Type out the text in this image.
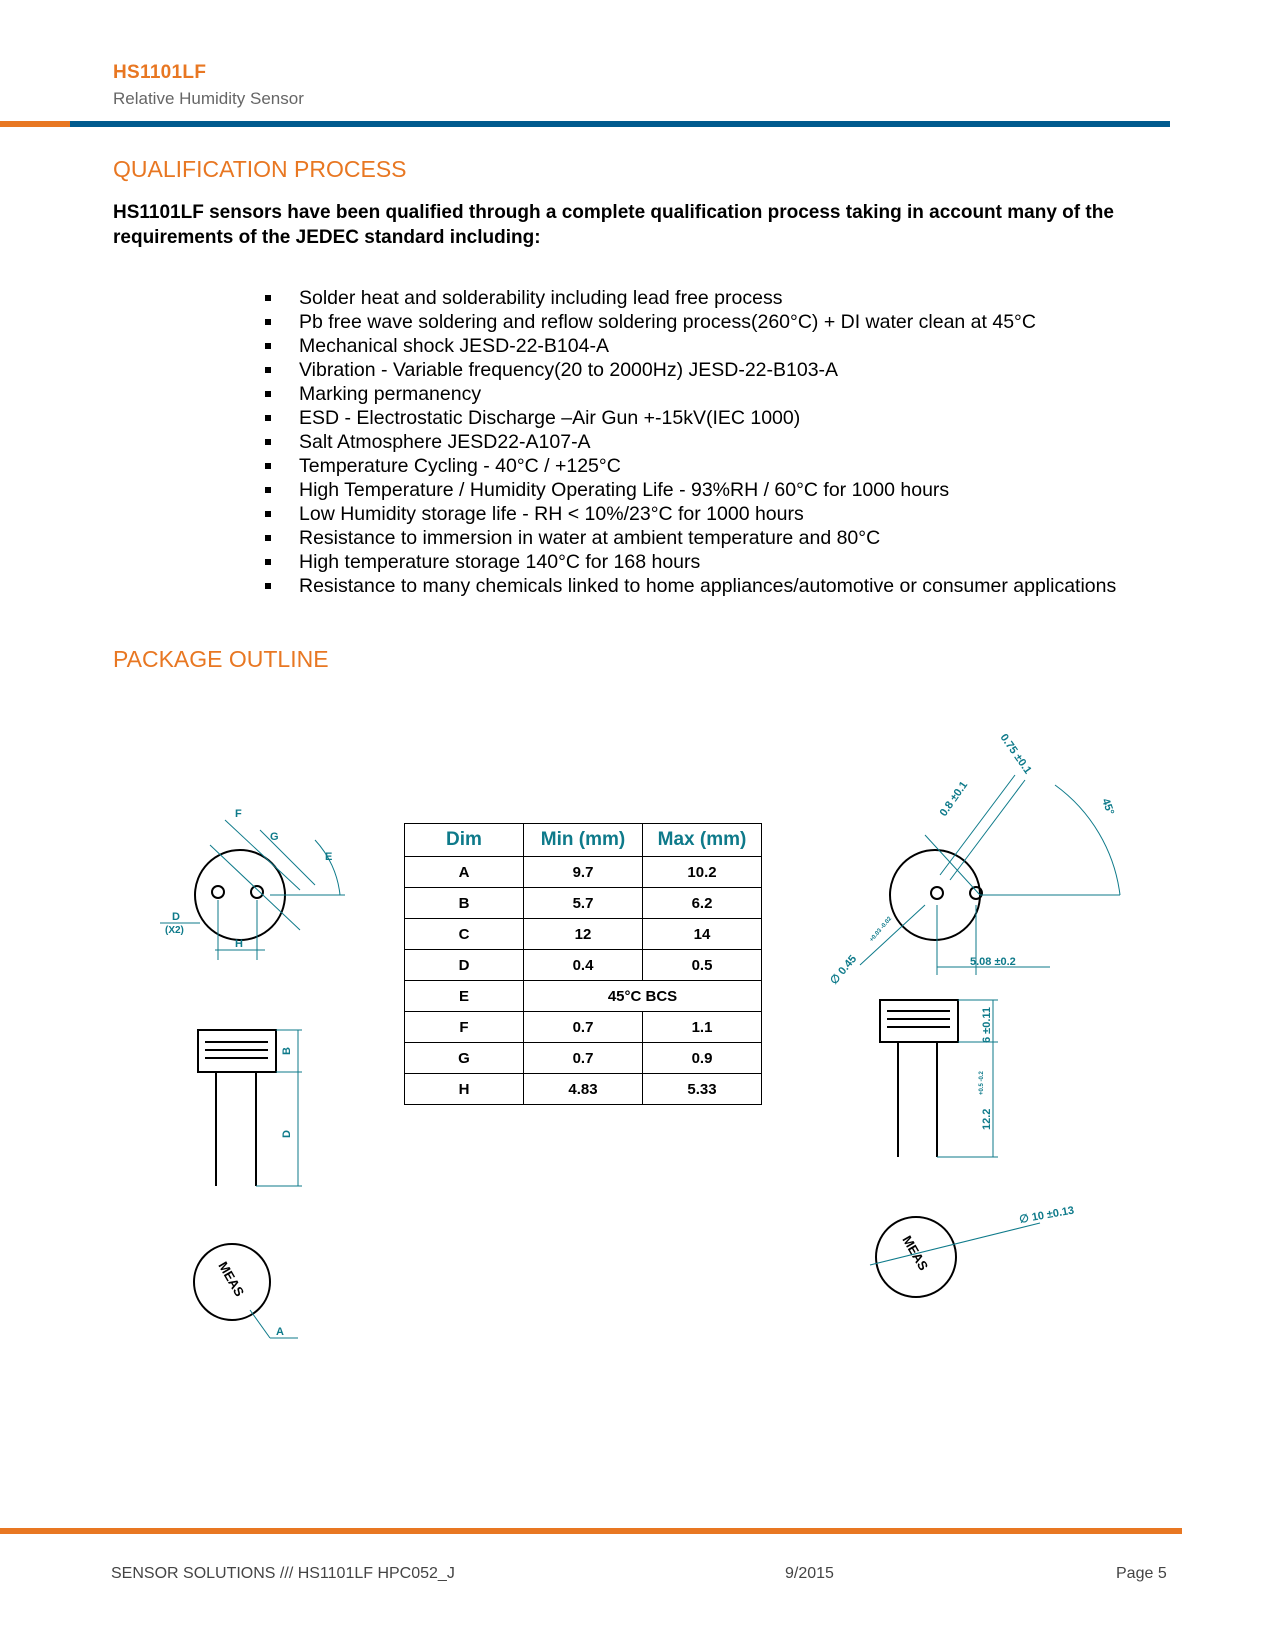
HS1101LF
Relative Humidity Sensor
QUALIFICATION PROCESS
HS1101LF sensors have been qualified through a complete qualification process taking in account many of the requirements of the JEDEC standard including:
Solder heat and solderability including lead free process
Pb free wave soldering and reflow soldering process(260°C) + DI water clean at 45°C
Mechanical shock JESD-22-B104-A
Vibration - Variable frequency(20 to 2000Hz) JESD-22-B103-A
Marking permanency
ESD - Electrostatic Discharge –Air Gun +-15kV(IEC 1000)
Salt Atmosphere JESD22-A107-A
Temperature Cycling - 40°C / +125°C
High Temperature / Humidity Operating Life - 93%RH / 60°C for 1000 hours
Low Humidity storage life - RH < 10%/23°C for 1000 hours
Resistance to immersion in water at ambient temperature and 80°C
High temperature storage 140°C for 168 hours
Resistance to many chemicals linked to home appliances/automotive or consumer applications
PACKAGE OUTLINE
F
G
E
D
(X2)
H
B
D
MEAS
A
Dim	Min (mm)	Max (mm)
A	9.7	10.2
B	5.7	6.2
C	12	14
D	0.4	0.5
E	45°C BCS	
F	0.7	1.1
G	0.7	0.9
H	4.83	5.33
0.8 ±0.1
0.75 ±0.1
45°
∅ 0.45
+0.03 -0.02
5.08 ±0.2
6 ±0.11
12.2
+0.5 -0.2
MEAS
∅ 10 ±0.13
SENSOR SOLUTIONS /// HS1101LF HPC052_J	9/2015	Page 5
